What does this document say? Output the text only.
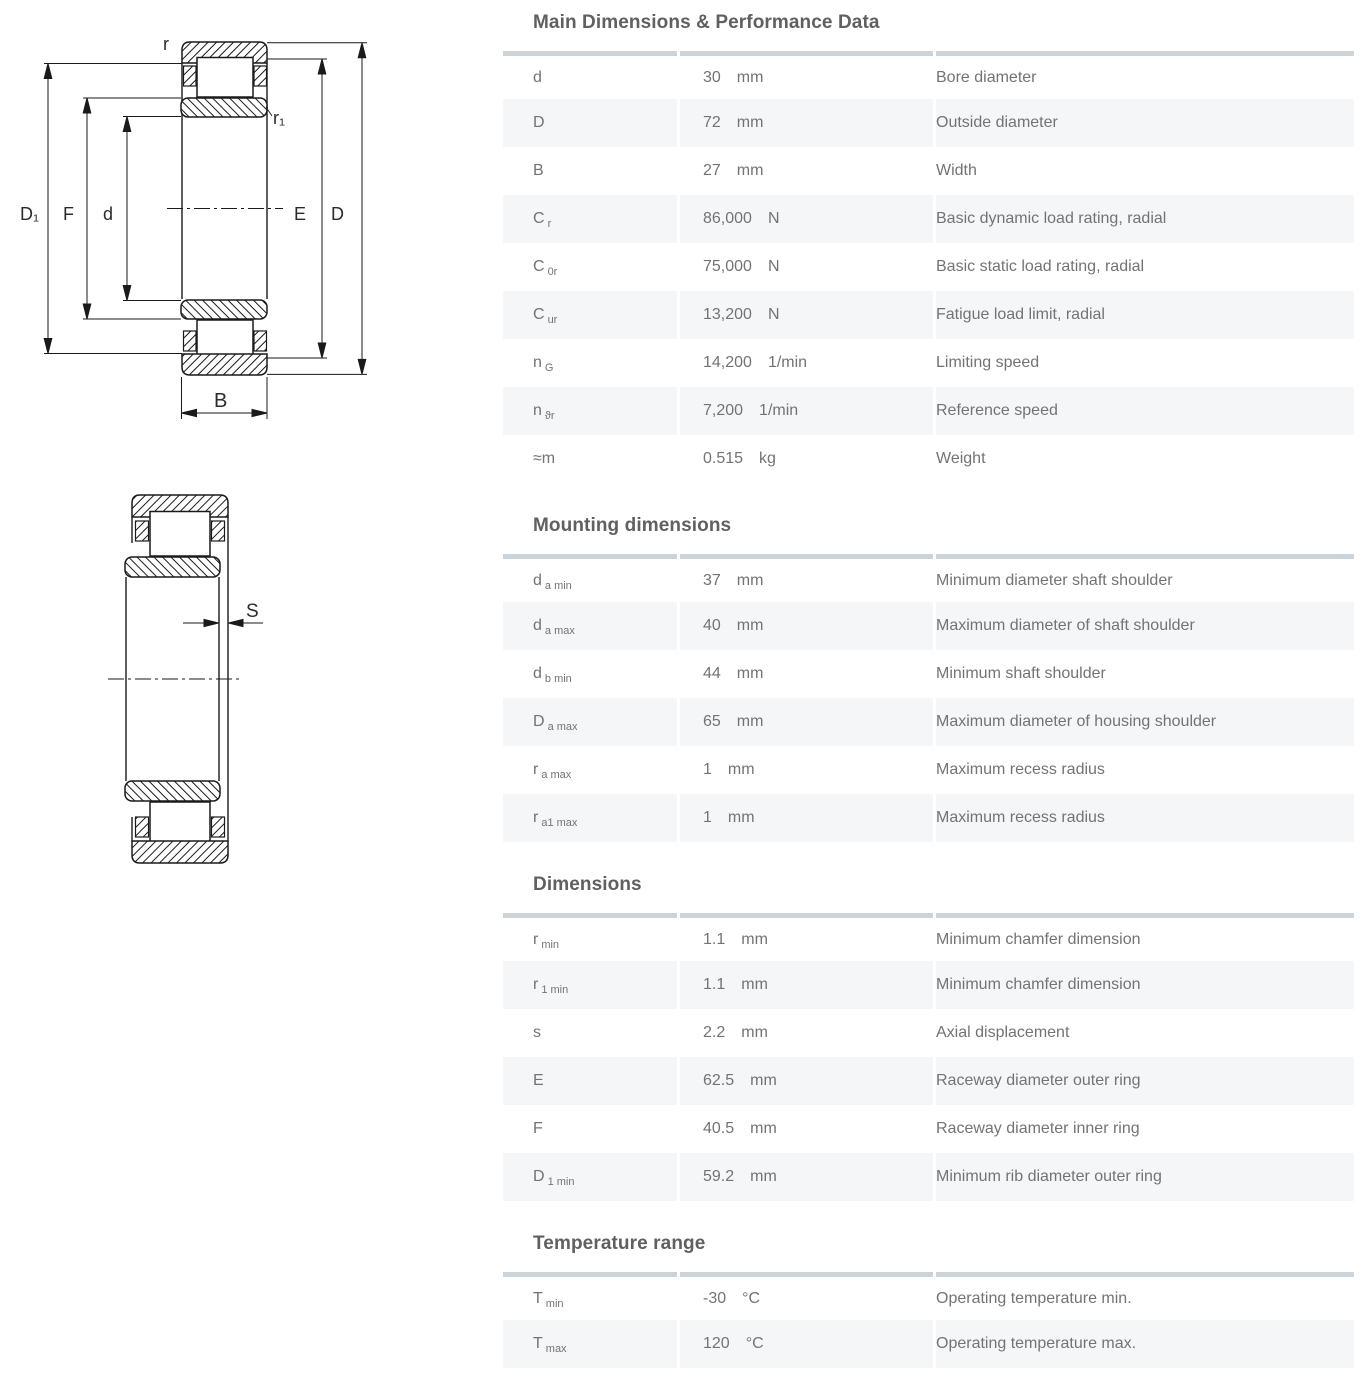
r
r₁
D₁ F d	E D
B
S
Main Dimensions & Performance Data
d	30 mm	Bore diameter
D	72 mm	Outside diameter
B	27 mm	Width
C $_r$	86,000 N	Basic dynamic load rating, radial
C $_{0r}$	75,000 N	Basic static load rating, radial
C $_{ur}$	13,200 N	Fatigue load limit, radial
n $_G$	14,200 1/min	Limiting speed
n $_{ϑr}$	7,200 1/min	Reference speed
≈m	0.515 kg	Weight
Mounting dimensions
d $_{a min}$	37 mm	Minimum diameter shaft shoulder
d $_{a max}$	40 mm	Maximum diameter of shaft shoulder
d $_{b min}$	44 mm	Minimum shaft shoulder
D $_{a max}$	65 mm	Maximum diameter of housing shoulder
r $_{a max}$	1 mm	Maximum recess radius
r $_{a1 max}$	1 mm	Maximum recess radius
Dimensions
r $_{min}$	1.1 mm	Minimum chamfer dimension
r $_{1 min}$	1.1 mm	Minimum chamfer dimension
s	2.2 mm	Axial displacement
E	62.5 mm	Raceway diameter outer ring
F	40.5 mm	Raceway diameter inner ring
D $_{1 min}$	59.2 mm	Minimum rib diameter outer ring
Temperature range
T $_{min}$	-30 °C	Operating temperature min.
T $_{max}$	120 °C	Operating temperature max.
